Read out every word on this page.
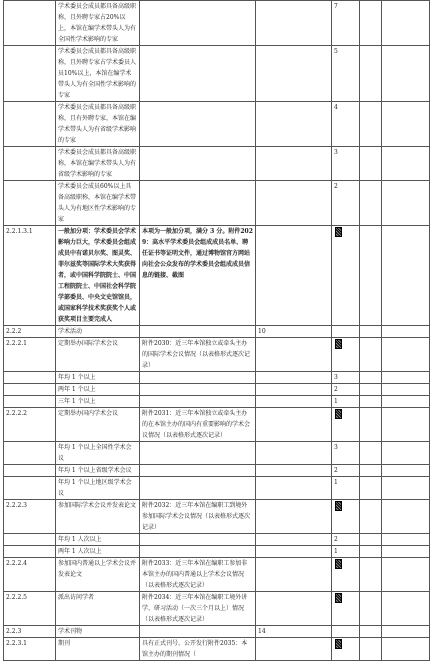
	学术委员会成员都具备高级职称，且外聘专家占20%以上，本馆在编学术带头人为有全国性学术影响的专家			7		
	学术委员会成员都具备高级职称，且外聘专家占学术委员人员10%以上，本馆在编学术带头人为有全国性学术影响的专家			5		
	学术委员会成员都具备高级职称，且有外聘专家，本馆在编学术带头人为有省级学术影响的专家			4		
	学术委员会成员都具备高级职称，本馆在编学术带头人为有省级学术影响的专家			3		
	学术委员会成员60%以上具备高级职称，本馆在编学术带头人为有地区性学术影响的专家			2		
2.2.1.3.1	一般加分项：学术委员会学术影响力巨大，学术委员会组成成员中有诺贝尔奖、图灵奖、菲尔兹奖等国际学术大奖获得者，或中国科学院院士、中国工程院院士、中国社会科学院学部委员、中央文史馆馆员，或国家科学技术奖获奖个人或获奖项目主要完成人	本项为一般加分项，满分 3 分。附件2029：高水平学术委员会组成成员名单、聘任证书等证明文件，通过博物馆官方网站向社会公众发布的学术委员会组成成员信息的链接、截图				
2.2.2	学术活动		10			
2.2.2.1	定期举办国际学术会议	附件2030：近三年本馆独立或牵头主办的国际学术会议情况（以表格形式逐次记录）				
	年均 1 个以上			3		
	两年 1 个以上			2		
	三年 1 个以上			1		
2.2.2.2	定期举办国内学术会议	附件2031：近三年本馆独立或牵头主办的在本馆主办的国内有重要影响的学术会议情况（以表格形式逐次记录）				
	年均 1 个以上全国性学术会议			3		
	年均 1 个以上省级学术会议			2		
	年均 1 个以上地区级学术会议			1		
2.2.2.3	参加国际学术会议并发表论文	附件2032：近三年本馆在编职工到境外参加国际学术会议情况（以表格形式逐次记录）				
	年均 1 人次以上			2		
	两年 1 人次以上			1		
2.2.2.4	参加国内普通以上学术会议并发表论文	附件2033：近三年本馆在编职工参加非本馆主办的国内普通以上学术会议情况（以表格形式逐次记录）				
2.2.2.5	派出访问学者	附件2034：近三年本馆在编职工境外讲学、研习活动（一次三个月以上）情况（以表格形式逐次记录）				
2.2.3	学术刊物		14			
2.2.3.1	期刊	具有正式刊号、公开发行附件2035：本馆主办的期刊情况（				
